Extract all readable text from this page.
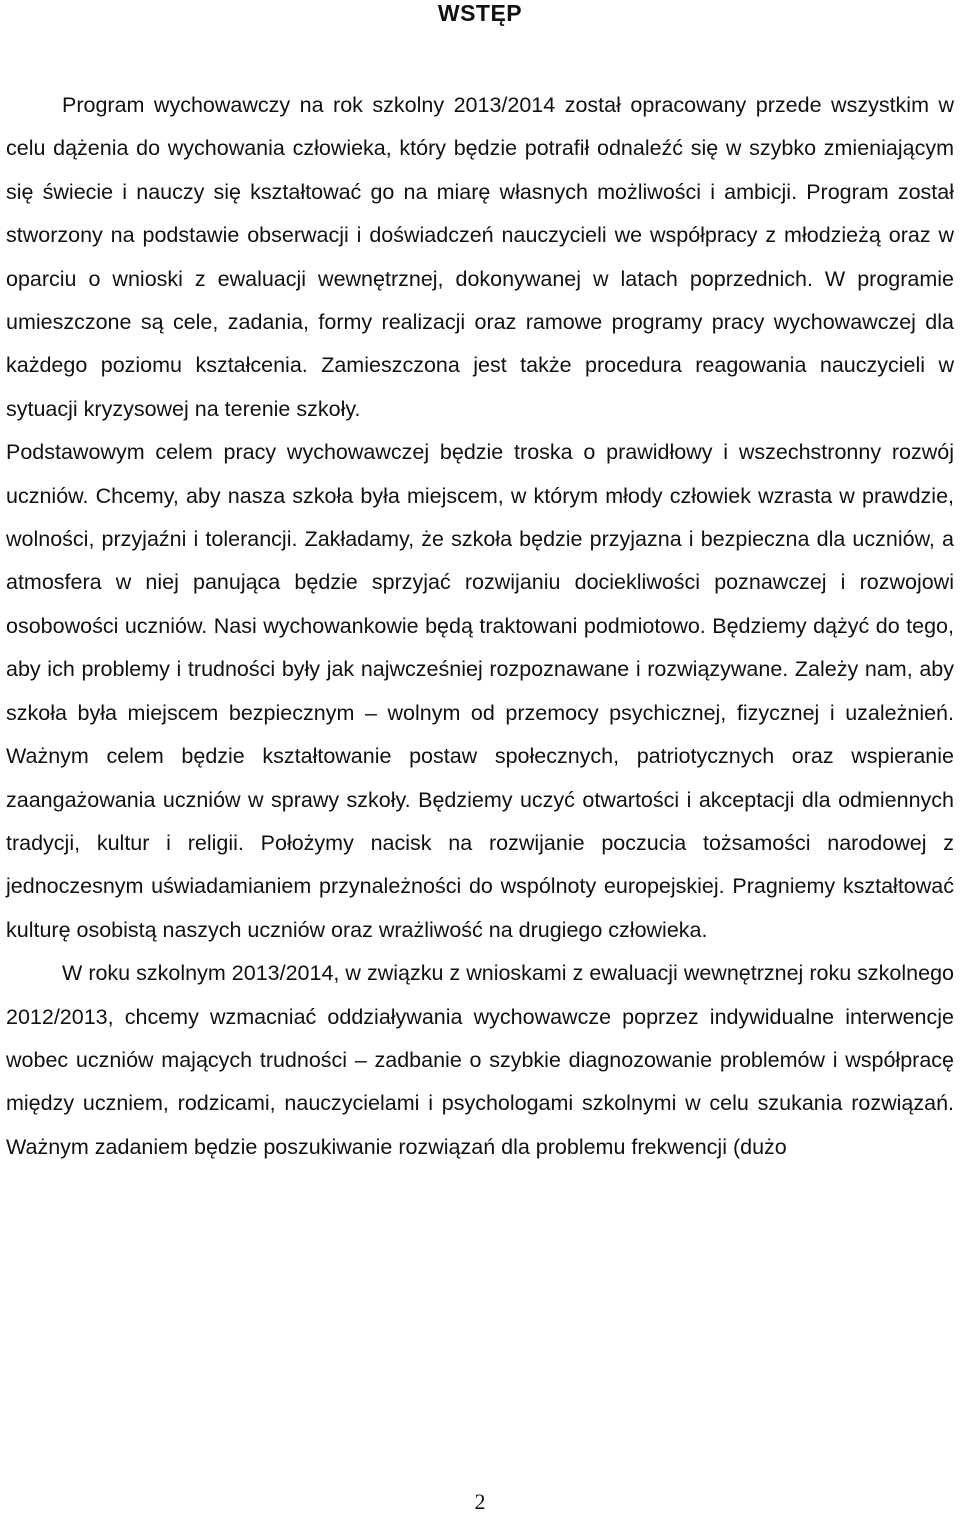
WSTĘP

Program wychowawczy na rok szkolny 2013/2014 został opracowany przede wszystkim w celu dążenia do wychowania człowieka, który będzie potrafił odnaleźć się w szybko zmieniającym się świecie i nauczy się kształtować go na miarę własnych możliwości i ambicji. Program został stworzony na podstawie obserwacji i doświadczeń nauczycieli we współpracy z młodzieżą oraz w oparciu o wnioski z ewaluacji wewnętrznej, dokonywanej w latach poprzednich. W programie umieszczone są cele, zadania, formy realizacji oraz ramowe programy pracy wychowawczej dla każdego poziomu kształcenia. Zamieszczona jest także procedura reagowania nauczycieli w sytuacji kryzysowej na terenie szkoły.

Podstawowym celem pracy wychowawczej będzie troska o prawidłowy i wszechstronny rozwój uczniów. Chcemy, aby nasza szkoła była miejscem, w którym młody człowiek wzrasta w prawdzie, wolności, przyjaźni i tolerancji. Zakładamy, że szkoła będzie przyjazna i bezpieczna dla uczniów, a atmosfera w niej panująca będzie sprzyjać rozwijaniu dociekliwości poznawczej i rozwojowi osobowości uczniów. Nasi wychowankowie będą traktowani podmiotowo. Będziemy dążyć do tego, aby ich problemy i trudności były jak najwcześniej rozpoznawane i rozwiązywane. Zależy nam, aby szkoła była miejscem bezpiecznym – wolnym od przemocy psychicznej, fizycznej i uzależnień. Ważnym celem będzie kształtowanie postaw społecznych, patriotycznych oraz wspieranie zaangażowania uczniów w sprawy szkoły. Będziemy uczyć otwartości i akceptacji dla odmiennych tradycji, kultur i religii. Położymy nacisk na rozwijanie poczucia tożsamości narodowej z jednoczesnym uświadamianiem przynależności do wspólnoty europejskiej. Pragniemy kształtować kulturę osobistą naszych uczniów oraz wrażliwość na drugiego człowieka.

W roku szkolnym 2013/2014, w związku z wnioskami z ewaluacji wewnętrznej roku szkolnego 2012/2013, chcemy wzmacniać oddziaływania wychowawcze poprzez indywidualne interwencje wobec uczniów mających trudności – zadbanie o szybkie diagnozowanie problemów i współpracę między uczniem, rodzicami, nauczycielami i psychologami szkolnymi w celu szukania rozwiązań. Ważnym zadaniem będzie poszukiwanie rozwiązań dla problemu frekwencji (dużo

2
